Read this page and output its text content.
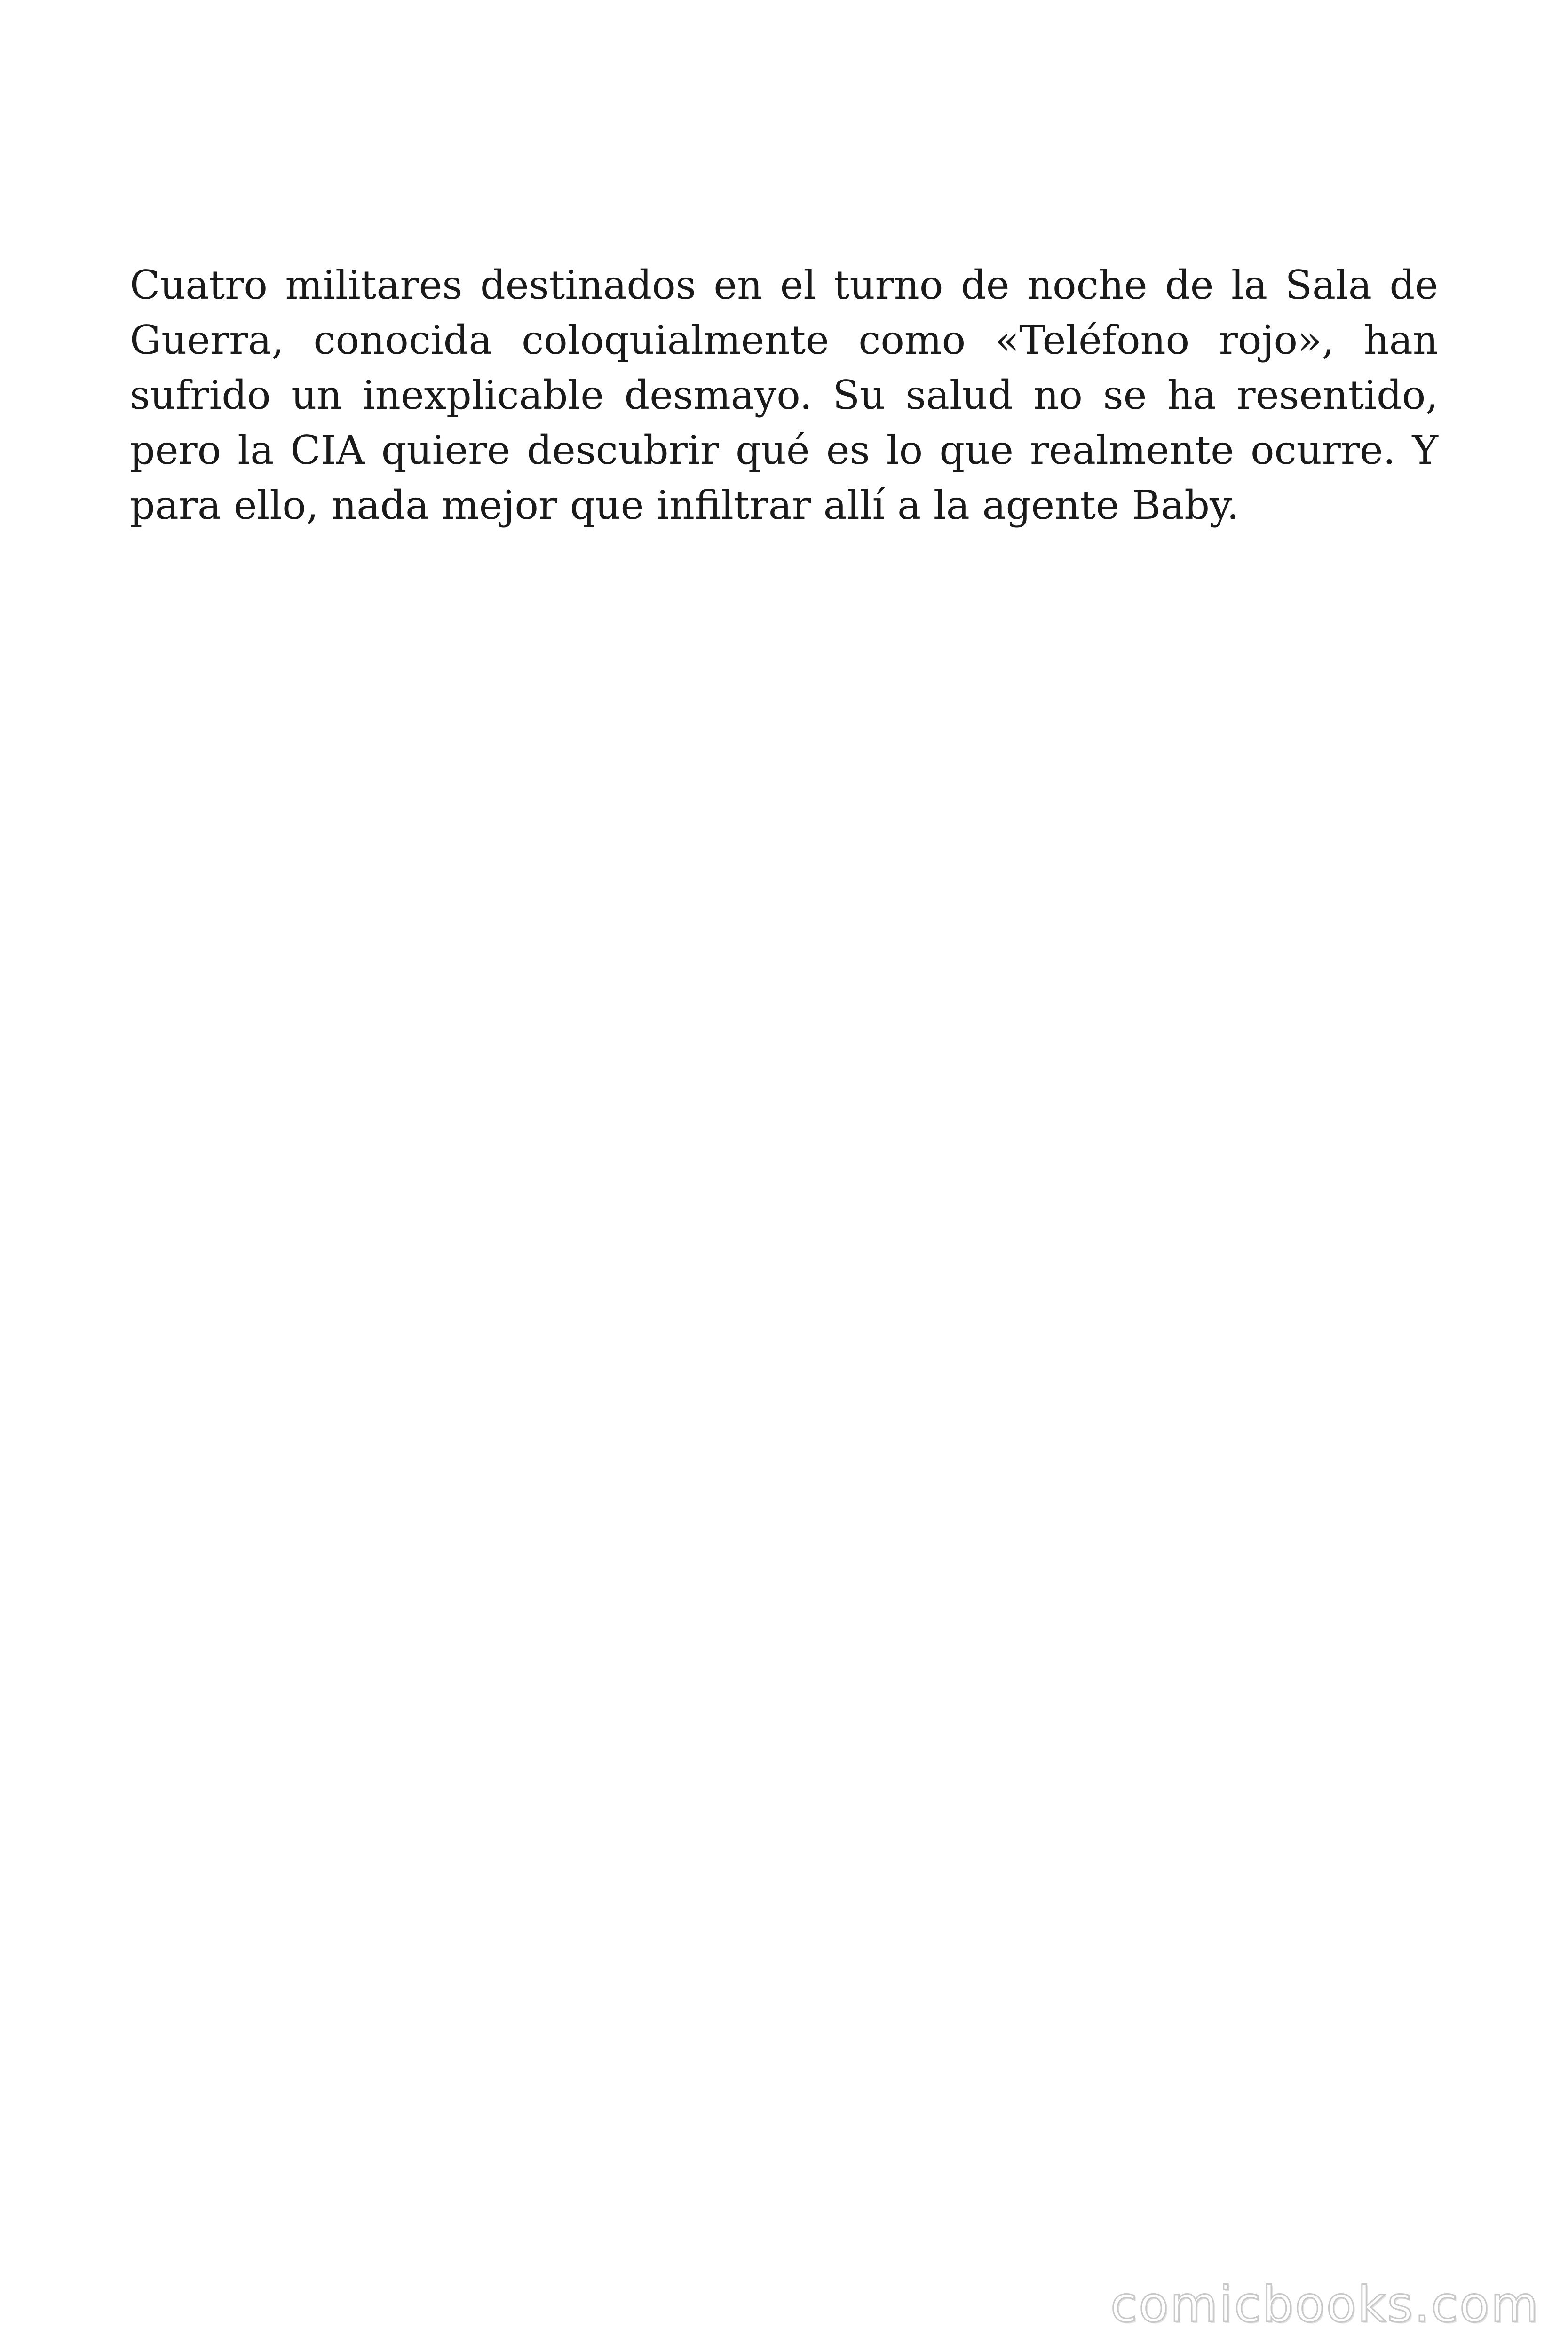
Cuatro militares destinados en el turno de noche de la Sala de Guerra, conocida coloquialmente como «Teléfono rojo», han sufrido un inexplicable desmayo. Su salud no se ha resentido, pero la CIA quiere descubrir qué es lo que realmente ocurre. Y para ello, nada mejor que infiltrar allí a la agente Baby.

comicbooks.com
